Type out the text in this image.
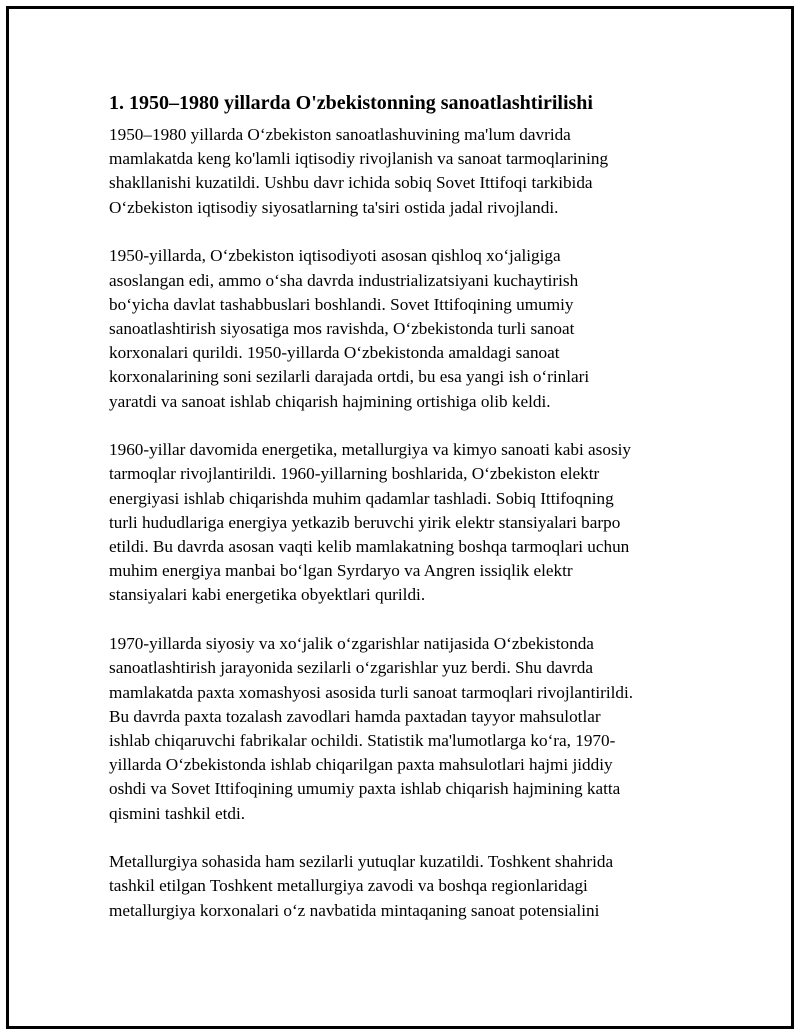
1. 1950–1980 yillarda O'zbekistonning sanoatlashtirilishi
1950–1980 yillarda O‘zbekiston sanoatlashuvining ma'lum davrida
mamlakatda keng ko'lamli iqtisodiy rivojlanish va sanoat tarmoqlarining
shakllanishi kuzatildi. Ushbu davr ichida sobiq Sovet Ittifoqi tarkibida
O‘zbekiston iqtisodiy siyosatlarning ta'siri ostida jadal rivojlandi.
1950-yillarda, O‘zbekiston iqtisodiyoti asosan qishloq xo‘jaligiga
asoslangan edi, ammo o‘sha davrda industrializatsiyani kuchaytirish
bo‘yicha davlat tashabbuslari boshlandi. Sovet Ittifoqining umumiy
sanoatlashtirish siyosatiga mos ravishda, O‘zbekistonda turli sanoat
korxonalari qurildi. 1950-yillarda O‘zbekistonda amaldagi sanoat
korxonalarining soni sezilarli darajada ortdi, bu esa yangi ish o‘rinlari
yaratdi va sanoat ishlab chiqarish hajmining ortishiga olib keldi.
1960-yillar davomida energetika, metallurgiya va kimyo sanoati kabi asosiy
tarmoqlar rivojlantirildi. 1960-yillarning boshlarida, O‘zbekiston elektr
energiyasi ishlab chiqarishda muhim qadamlar tashladi. Sobiq Ittifoqning
turli hududlariga energiya yetkazib beruvchi yirik elektr stansiyalari barpo
etildi. Bu davrda asosan vaqti kelib mamlakatning boshqa tarmoqlari uchun
muhim energiya manbai bo‘lgan Syrdaryo va Angren issiqlik elektr
stansiyalari kabi energetika obyektlari qurildi.
1970-yillarda siyosiy va xo‘jalik o‘zgarishlar natijasida O‘zbekistonda
sanoatlashtirish jarayonida sezilarli o‘zgarishlar yuz berdi. Shu davrda
mamlakatda paxta xomashyosi asosida turli sanoat tarmoqlari rivojlantirildi.
Bu davrda paxta tozalash zavodlari hamda paxtadan tayyor mahsulotlar
ishlab chiqaruvchi fabrikalar ochildi. Statistik ma'lumotlarga ko‘ra, 1970-
yillarda O‘zbekistonda ishlab chiqarilgan paxta mahsulotlari hajmi jiddiy
oshdi va Sovet Ittifoqining umumiy paxta ishlab chiqarish hajmining katta
qismini tashkil etdi.
Metallurgiya sohasida ham sezilarli yutuqlar kuzatildi. Toshkent shahrida
tashkil etilgan Toshkent metallurgiya zavodi va boshqa regionlaridagi
metallurgiya korxonalari o‘z navbatida mintaqaning sanoat potensialini
